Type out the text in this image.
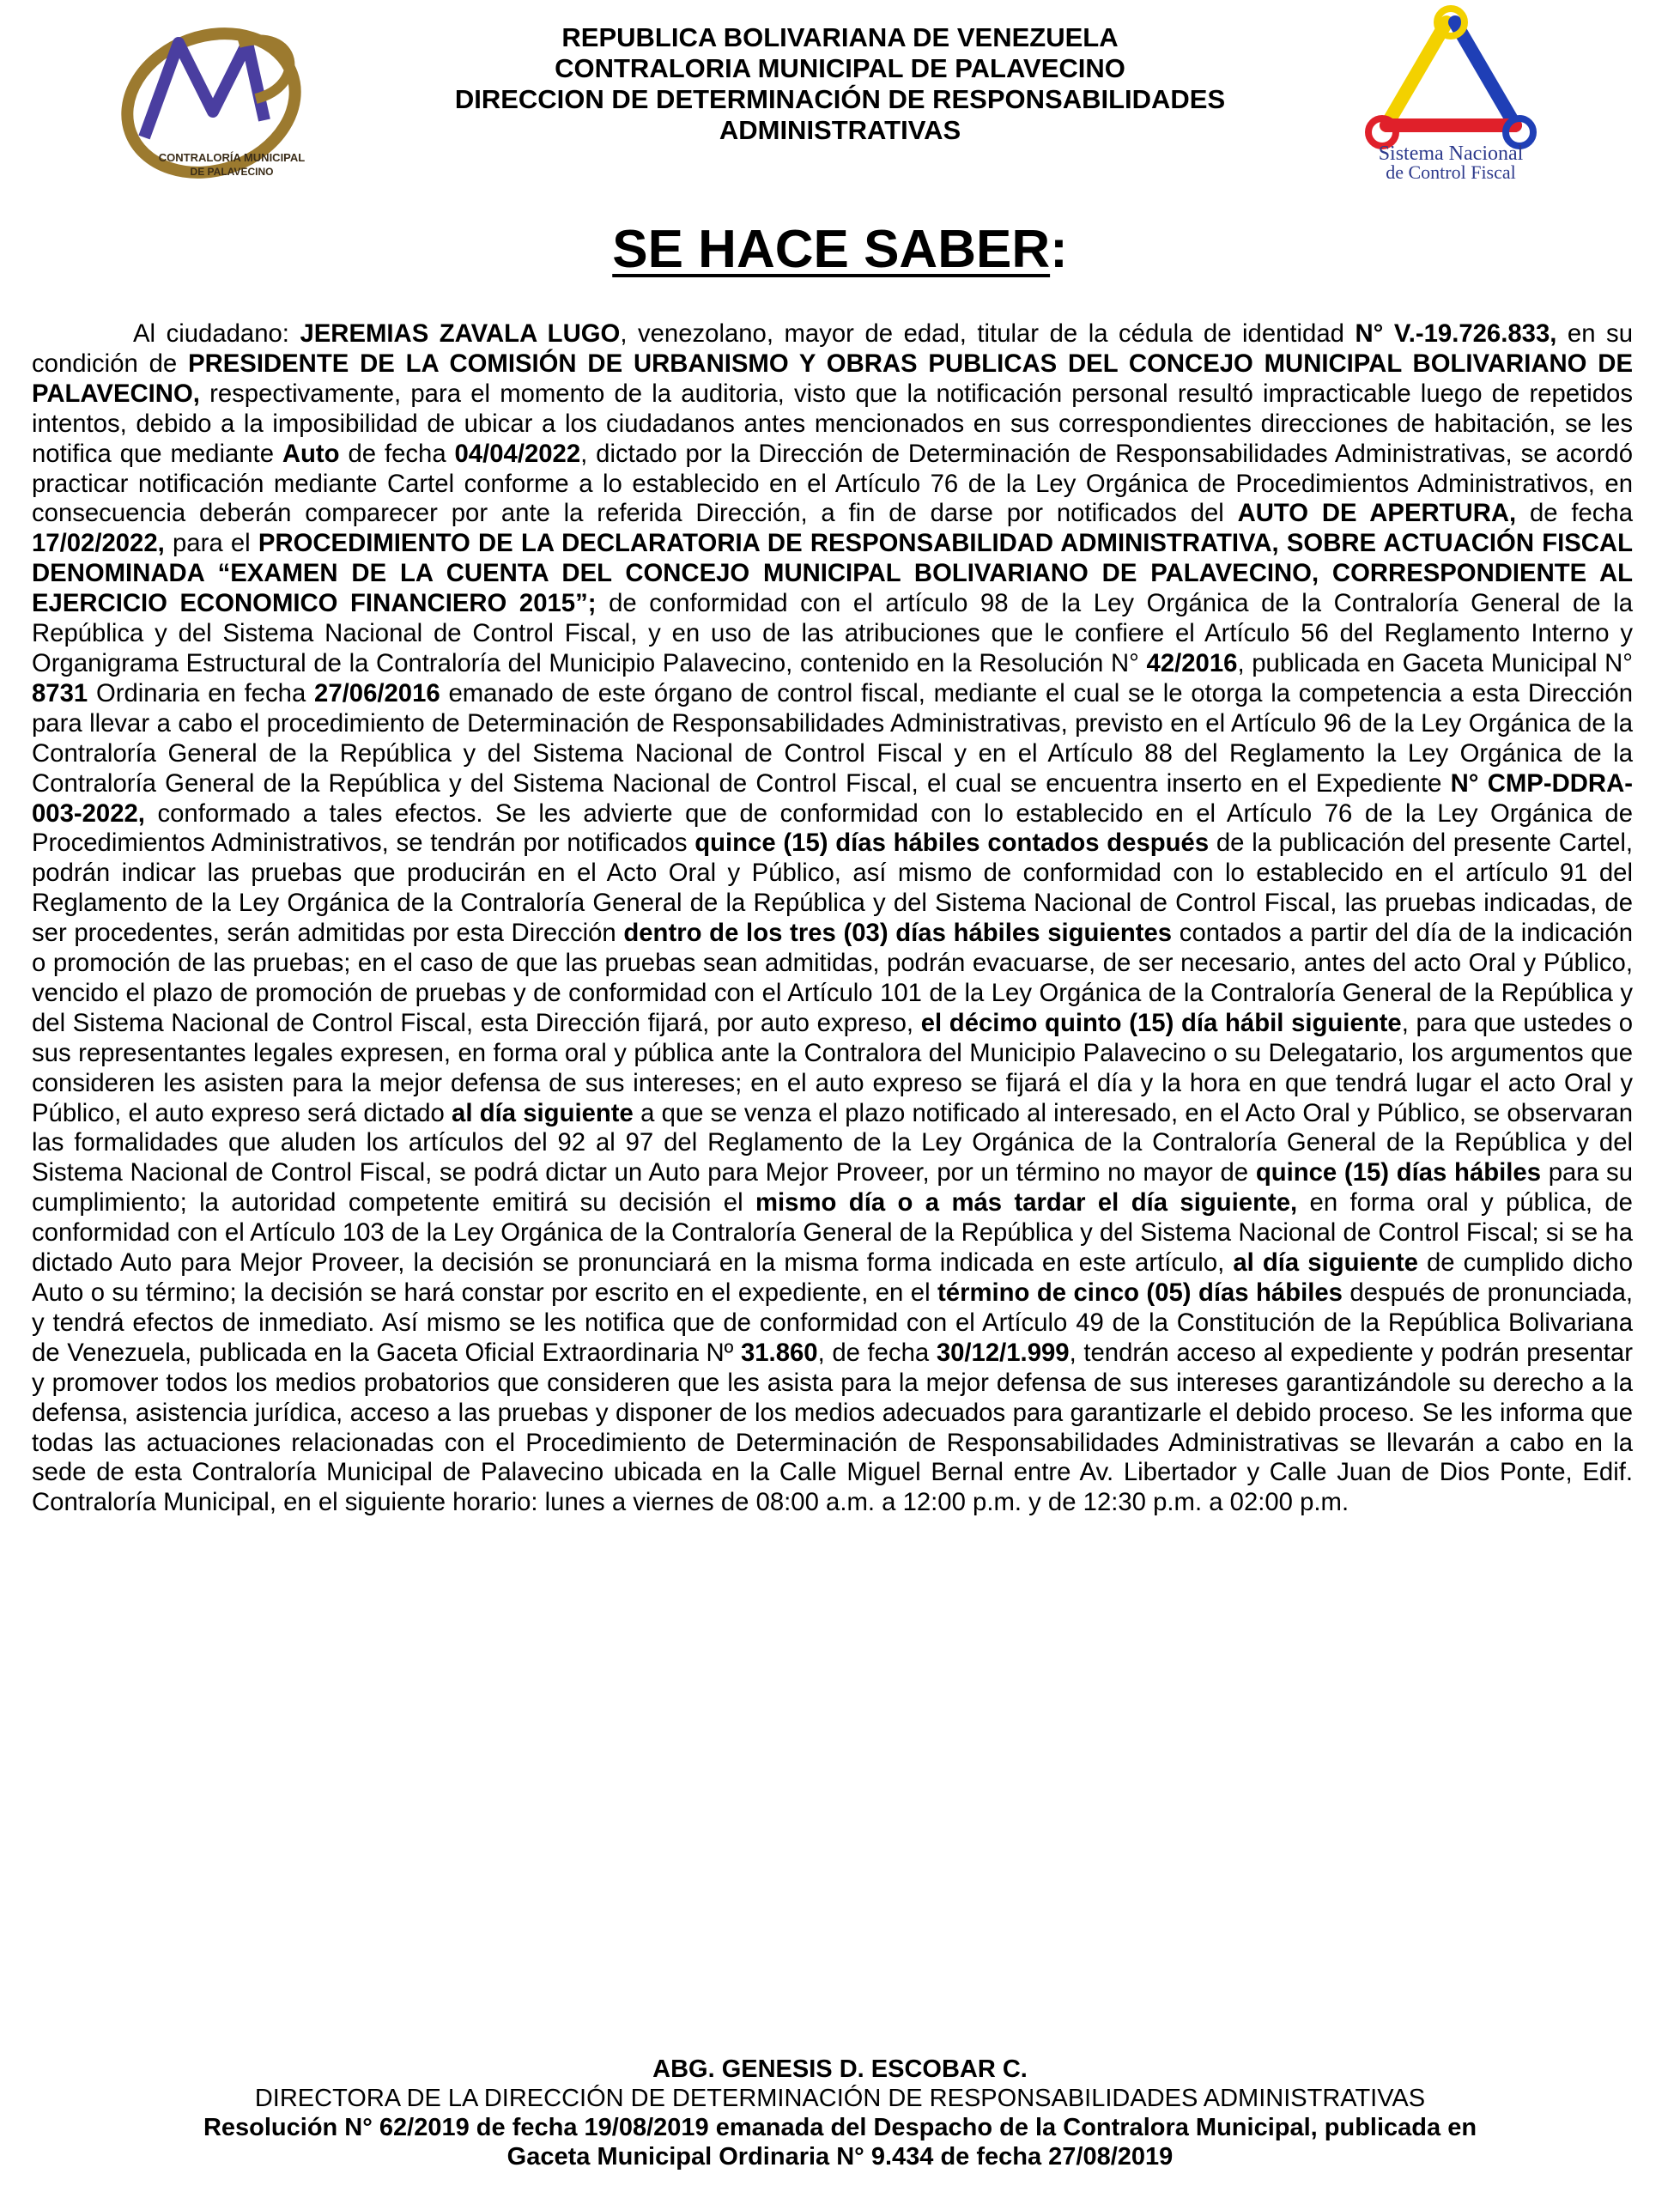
CONTRALORÍA MUNICIPAL
DE PALAVECINO
Sistema Nacional
de Control Fiscal
REPUBLICA BOLIVARIANA DE VENEZUELA
CONTRALORIA MUNICIPAL DE PALAVECINO
DIRECCION DE DETERMINACIÓN DE RESPONSABILIDADES
ADMINISTRATIVAS
SE HACE SABER:

Al ciudadano: JEREMIAS ZAVALA LUGO, venezolano, mayor de edad, titular de la cédula de identidad N° V.-19.726.833, en su condición de PRESIDENTE DE LA COMISIÓN DE URBANISMO Y OBRAS PUBLICAS DEL CONCEJO MUNICIPAL BOLIVARIANO DE PALAVECINO, respectivamente, para el momento de la auditoria, visto que la notificación personal resultó impracticable luego de repetidos intentos, debido a la imposibilidad de ubicar a los ciudadanos antes mencionados en sus correspondientes direcciones de habitación, se les notifica que mediante Auto de fecha 04/04/2022, dictado por la Dirección de Determinación de Responsabilidades Administrativas, se acordó practicar notificación mediante Cartel conforme a lo establecido en el Artículo 76 de la Ley Orgánica de Procedimientos Administrativos, en consecuencia deberán comparecer por ante la referida Dirección, a fin de darse por notificados del AUTO DE APERTURA, de fecha 17/02/2022, para el PROCEDIMIENTO DE LA DECLARATORIA DE RESPONSABILIDAD ADMINISTRATIVA, SOBRE ACTUACIÓN FISCAL DENOMINADA “EXAMEN DE LA CUENTA DEL CONCEJO MUNICIPAL BOLIVARIANO DE PALAVECINO, CORRESPONDIENTE AL EJERCICIO ECONOMICO FINANCIERO 2015”; de conformidad con el artículo 98 de la Ley Orgánica de la Contraloría General de la República y del Sistema Nacional de Control Fiscal, y en uso de las atribuciones que le confiere el Artículo 56 del Reglamento Interno y Organigrama Estructural de la Contraloría del Municipio Palavecino, contenido en la Resolución N° 42/2016, publicada en Gaceta Municipal N° 8731 Ordinaria en fecha 27/06/2016 emanado de este órgano de control fiscal, mediante el cual se le otorga la competencia a esta Dirección para llevar a cabo el procedimiento de Determinación de Responsabilidades Administrativas, previsto en el Artículo 96 de la Ley Orgánica de la Contraloría General de la República y del Sistema Nacional de Control Fiscal y en el Artículo 88 del Reglamento la Ley Orgánica de la Contraloría General de la República y del Sistema Nacional de Control Fiscal, el cual se encuentra inserto en el Expediente N° CMP-DDRA-003-2022, conformado a tales efectos. Se les advierte que de conformidad con lo establecido en el Artículo 76 de la Ley Orgánica de Procedimientos Administrativos, se tendrán por notificados quince (15) días hábiles contados después de la publicación del presente Cartel, podrán indicar las pruebas que producirán en el Acto Oral y Público, así mismo de conformidad con lo establecido en el artículo 91 del Reglamento de la Ley Orgánica de la Contraloría General de la República y del Sistema Nacional de Control Fiscal, las pruebas indicadas, de ser procedentes, serán admitidas por esta Dirección dentro de los tres (03) días hábiles siguientes contados a partir del día de la indicación o promoción de las pruebas; en el caso de que las pruebas sean admitidas, podrán evacuarse, de ser necesario, antes del acto Oral y Público, vencido el plazo de promoción de pruebas y de conformidad con el Artículo 101 de la Ley Orgánica de la Contraloría General de la República y del Sistema Nacional de Control Fiscal, esta Dirección fijará, por auto expreso, el décimo quinto (15) día hábil siguiente, para que ustedes o sus representantes legales expresen, en forma oral y pública ante la Contralora del Municipio Palavecino o su Delegatario, los argumentos que consideren les asisten para la mejor defensa de sus intereses; en el auto expreso se fijará el día y la hora en que tendrá lugar el acto Oral y Público, el auto expreso será dictado al día siguiente a que se venza el plazo notificado al interesado, en el Acto Oral y Público, se observaran las formalidades que aluden los artículos del 92 al 97 del Reglamento de la Ley Orgánica de la Contraloría General de la República y del Sistema Nacional de Control Fiscal, se podrá dictar un Auto para Mejor Proveer, por un término no mayor de quince (15) días hábiles para su cumplimiento; la autoridad competente emitirá su decisión el mismo día o a más tardar el día siguiente, en forma oral y pública, de conformidad con el Artículo 103 de la Ley Orgánica de la Contraloría General de la República y del Sistema Nacional de Control Fiscal; si se ha dictado Auto para Mejor Proveer, la decisión se pronunciará en la misma forma indicada en este artículo, al día siguiente de cumplido dicho Auto o su término; la decisión se hará constar por escrito en el expediente, en el término de cinco (05) días hábiles después de pronunciada, y tendrá efectos de inmediato. Así mismo se les notifica que de conformidad con el Artículo 49 de la Constitución de la República Bolivariana de Venezuela, publicada en la Gaceta Oficial Extraordinaria Nº 31.860, de fecha 30/12/1.999, tendrán acceso al expediente y podrán presentar y promover todos los medios probatorios que consideren que les asista para la mejor defensa de sus intereses garantizándole su derecho a la defensa, asistencia jurídica, acceso a las pruebas y disponer de los medios adecuados para garantizarle el debido proceso. Se les informa que todas las actuaciones relacionadas con el Procedimiento de Determinación de Responsabilidades Administrativas se llevarán a cabo en la sede de esta Contraloría Municipal de Palavecino ubicada en la Calle Miguel Bernal entre Av. Libertador y Calle Juan de Dios Ponte, Edif. Contraloría Municipal, en el siguiente horario: lunes a viernes de 08:00 a.m. a 12:00 p.m. y de 12:30 p.m. a 02:00 p.m.

ABG. GENESIS D. ESCOBAR C.
DIRECTORA DE LA DIRECCIÓN DE DETERMINACIÓN DE RESPONSABILIDADES ADMINISTRATIVAS
Resolución N° 62/2019 de fecha 19/08/2019 emanada del Despacho de la Contralora Municipal, publicada en
Gaceta Municipal Ordinaria N° 9.434 de fecha 27/08/2019
